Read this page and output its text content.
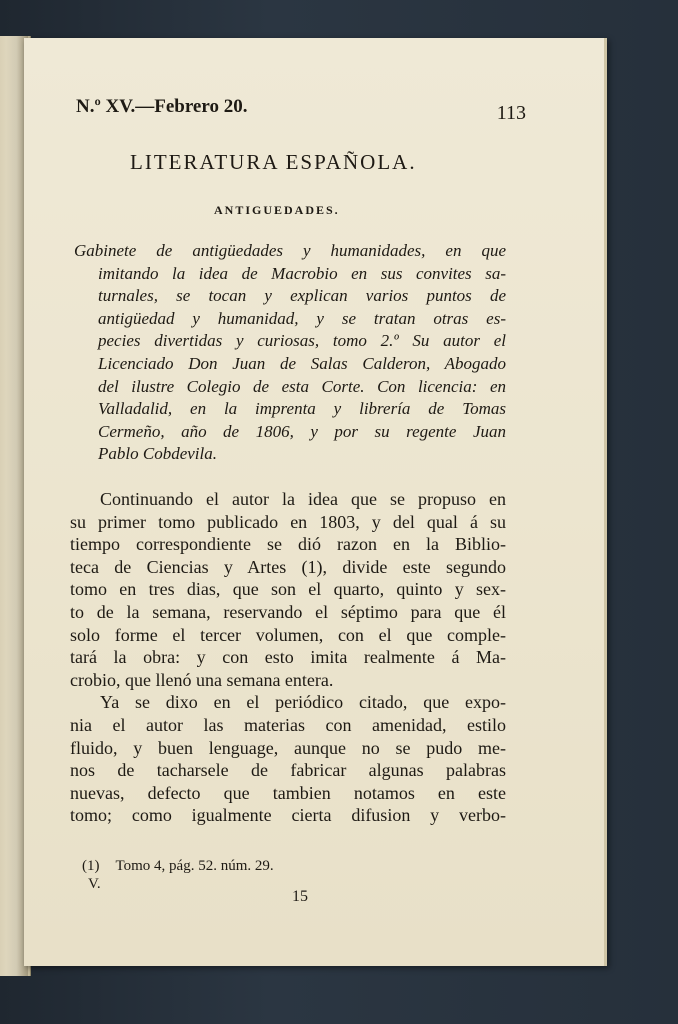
N.º XV.—Febrero 20.	113
LITERATURA ESPAÑOLA.
ANTIGUEDADES.
Gabinete de antigüedades y humanidades, en que
imitando la idea de Macrobio en sus convites sa-
turnales, se tocan y explican varios puntos de
antigüedad y humanidad, y se tratan otras es-
pecies divertidas y curiosas, tomo 2.º Su autor el
Licenciado Don Juan de Salas Calderon, Abogado
del ilustre Colegio de esta Corte. Con licencia: en
Valladalid, en la imprenta y librería de Tomas
Cermeño, año de 1806, y por su regente Juan
Pablo Cobdevila.
Continuando el autor la idea que se propuso en
su primer tomo publicado en 1803, y del qual á su
tiempo correspondiente se dió razon en la Biblio-
teca de Ciencias y Artes (1), divide este segundo
tomo en tres dias, que son el quarto, quinto y sex-
to de la semana, reservando el séptimo para que él
solo forme el tercer volumen, con el que comple-
tará la obra: y con esto imita realmente á Ma-
crobio, que llenó una semana entera.
Ya se dixo en el periódico citado, que expo-
nia el autor las materias con amenidad, estilo
fluido, y buen lenguage, aunque no se pudo me-
nos de tacharsele de fabricar algunas palabras
nuevas, defecto que tambien notamos en este
tomo; como igualmente cierta difusion y verbo-
(1) Tomo 4, pág. 52. núm. 29.
V.
15
